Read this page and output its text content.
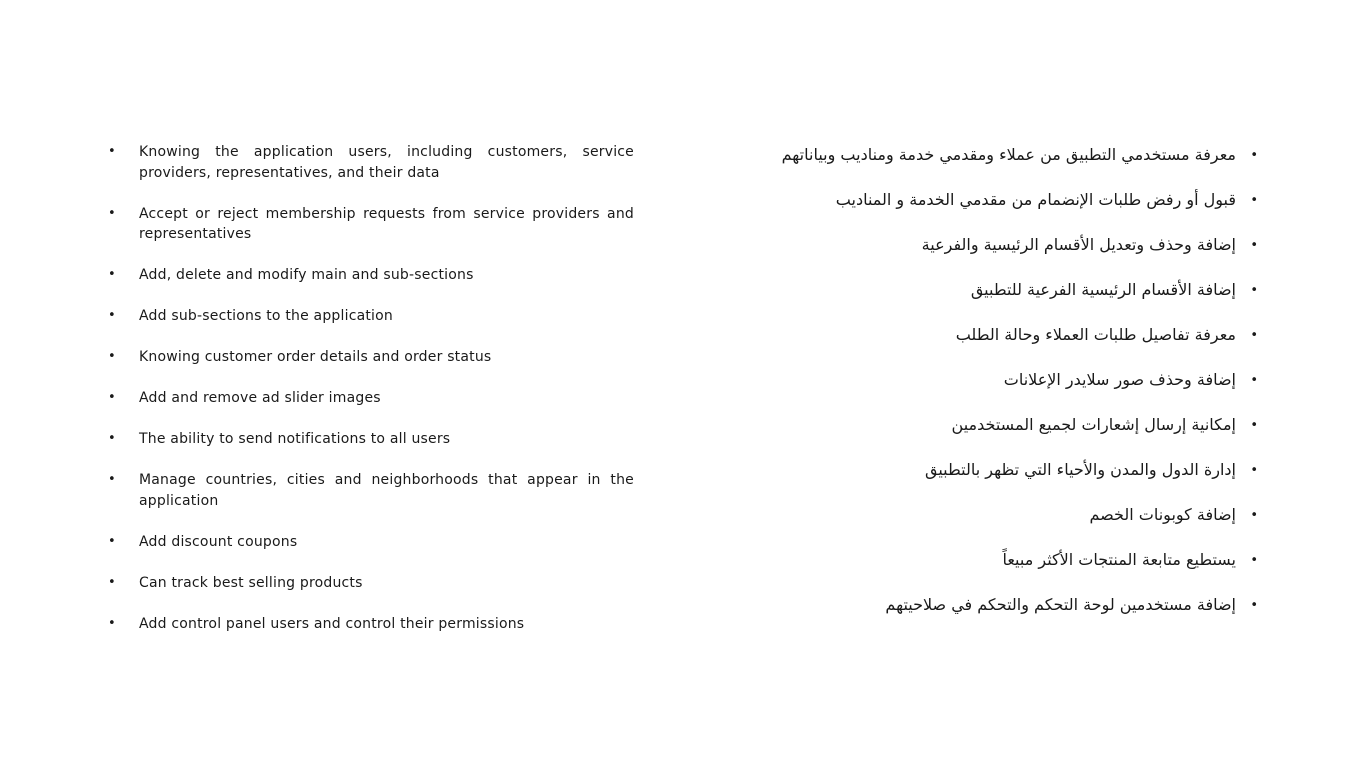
• Knowing the application users, including customers, service providers, representatives, and their data
• Accept or reject membership requests from service providers and representatives
• Add, delete and modify main and sub-sections
• Add sub-sections to the application
• Knowing customer order details and order status
• Add and remove ad slider images
• The ability to send notifications to all users
• Manage countries, cities and neighborhoods that appear in the application
• Add discount coupons
• Can track best selling products
• Add control panel users and control their permissions
•
معرفة مستخدمي التطبيق من عملاء ومقدمي خدمة ومناديب وبياناتهم
•
قبول أو رفض طلبات الإنضمام من مقدمي الخدمة و المناديب
•
إضافة وحذف وتعديل الأقسام الرئيسية والفرعية
•
إضافة الأقسام الرئيسية الفرعية للتطبيق
•
معرفة تفاصيل طلبات العملاء وحالة الطلب
•
إضافة وحذف صور سلايدر الإعلانات
•
إمكانية إرسال إشعارات لجميع المستخدمين
•
إدارة الدول والمدن والأحياء التي تظهر بالتطبيق
•
إضافة كوبونات الخصم
•
يستطيع متابعة المنتجات الأكثر مبيعاً
•
إضافة مستخدمين لوحة التحكم والتحكم في صلاحيتهم
